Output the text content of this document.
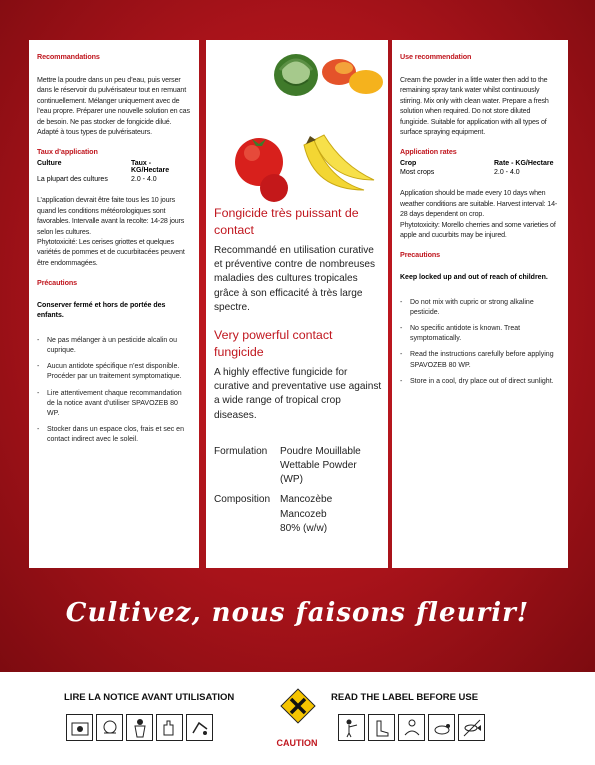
Recommandations
Mettre la poudre dans un peu d’eau, puis verser dans le réservoir du pulvérisateur tout en remuant continuellement. Mélanger uniquement avec de l’eau propre. Préparer une nouvelle solution en cas de besoin. Ne pas stocker de fongicide dilué. Adapté à tous types de pulvérisateurs.
Taux d’application
Culture	Taux - KG/Hectare
La plupart des cultures	2.0 - 4.0
L’application devrait être faite tous les 10 jours quand les conditions météorologiques sont favorables. Intervalle avant la recolte: 14-28 jours selon les cultures.
Phytotoxicité: Les cerises griottes et quelques variétés de pommes et de cucurbitacées peuvent être endommagées.
Précautions
Conserver fermé et hors de portée des enfants.
- Ne pas mélanger à un pesticide alcalin ou cuprique.
- Aucun antidote spécifique n’est disponible. Procéder par un traitement symptomatique.
- Lire attentivement chaque recommandation de la notice avant d’utiliser SPAVOZEB 80 WP.
- Stocker dans un espace clos, frais et sec en contact indirect avec le soleil.
Fongicide très puissant de contact
Recommandé en utilisation curative et préventive contre de nombreuses maladies des cultures tropicales grâce à son efficacité à très large spectre.
Very powerful contact fungicide
A highly effective fungicide for curative and preventative use against a wide range of tropical crop diseases.
Formulation	Poudre Mouillable Wettable Powder (WP)
Composition Mancozèbe
Mancozeb
80% (w/w)
Use recommendation
Cream the powder in a little water then add to the remaining spray tank water whilst continuously stirring. Mix only with clean water. Prepare a fresh solution when required. Do not store diluted fungicide. Suitable for application with all types of surface spraying equipment.
Application rates
Crop	Rate - KG/Hectare
Most crops	2.0 - 4.0
Application should be made every 10 days when weather conditions are suitable. Harvest interval: 14-28 days dependent on crop.
Phytotoxicity: Morello cherries and some varieties of apple and cucurbits may be injured.
Precautions
Keep locked up and out of reach of children.
- Do not mix with cupric or strong alkaline pesticide.
- No specific antidote is known. Treat symptomatically.
- Read the instructions carefully before applying SPAVOZEB 80 WP.
- Store in a cool, dry place out of direct sunlight.
Cultivez, nous faisons fleurir!
LIRE LA NOTICE AVANT UTILISATION	READ THE LABEL BEFORE USE
CAUTION
